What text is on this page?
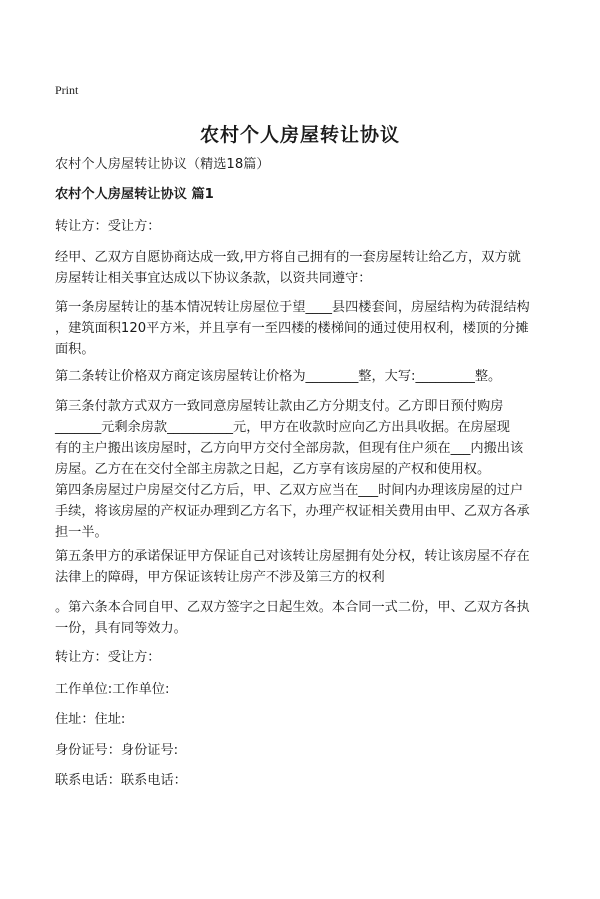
Print
农村个人房屋转让协议

农村个人房屋转让协议（精选18篇）

农村个人房屋转让协议 篇1

转让方：受让方：

经甲、乙双方自愿协商达成一致,甲方将自己拥有的一套房屋转让给乙方，双方就
房屋转让相关事宜达成以下协议条款，以资共同遵守：
第一条房屋转让的基本情况转让房屋位于望____县四楼套间，房屋结构为砖混结构
，建筑面积120平方米，并且享有一至四楼的楼梯间的通过使用权利，楼顶的分摊
面积。
第二条转让价格双方商定该房屋转让价格为________整，大写:_________整。
第三条付款方式双方一致同意房屋转让款由乙方分期支付。乙方即日预付购房
_______元剩余房款__________元，甲方在收款时应向乙方出具收据。在房屋现
有的主户搬出该房屋时，乙方向甲方交付全部房款，但现有住户须在___内搬出该
房屋。乙方在在交付全部主房款之日起，乙方享有该房屋的产权和使用权。
第四条房屋过户房屋交付乙方后，甲、乙双方应当在___时间内办理该房屋的过户
手续，将该房屋的产权证办理到乙方名下，办理产权证相关费用由甲、乙双方各承
担一半。
第五条甲方的承诺保证甲方保证自己对该转让房屋拥有处分权，转让该房屋不存在
法律上的障碍，甲方保证该转让房产不涉及第三方的权利
。第六条本合同自甲、乙双方签字之日起生效。本合同一式二份，甲、乙双方各执
一份，具有同等效力。

转让方：受让方：

工作单位:工作单位:

住址：住址:

身份证号：身份证号:

联系电话：联系电话：
